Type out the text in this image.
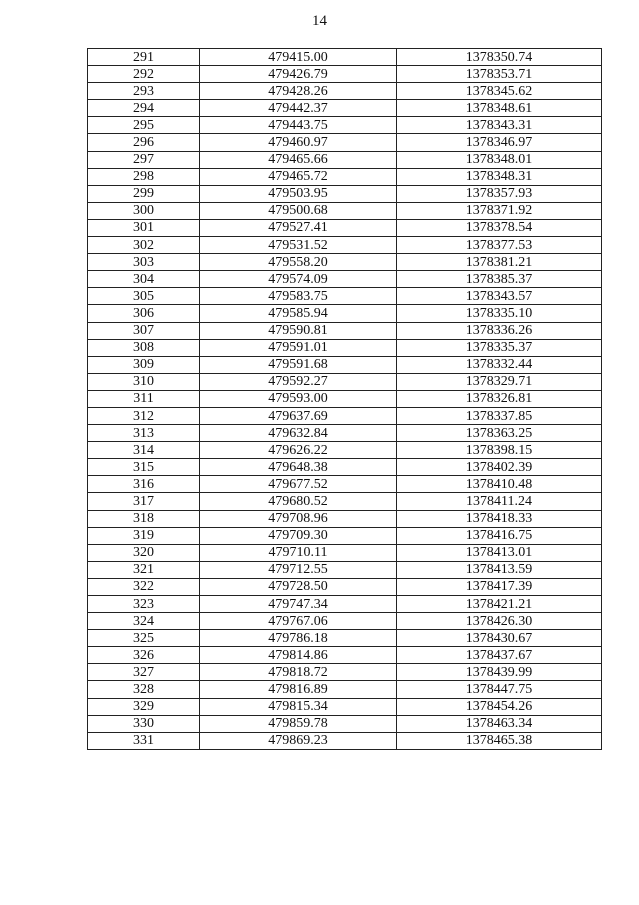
14
291	479415.00	1378350.74
292	479426.79	1378353.71
293	479428.26	1378345.62
294	479442.37	1378348.61
295	479443.75	1378343.31
296	479460.97	1378346.97
297	479465.66	1378348.01
298	479465.72	1378348.31
299	479503.95	1378357.93
300	479500.68	1378371.92
301	479527.41	1378378.54
302	479531.52	1378377.53
303	479558.20	1378381.21
304	479574.09	1378385.37
305	479583.75	1378343.57
306	479585.94	1378335.10
307	479590.81	1378336.26
308	479591.01	1378335.37
309	479591.68	1378332.44
310	479592.27	1378329.71
311	479593.00	1378326.81
312	479637.69	1378337.85
313	479632.84	1378363.25
314	479626.22	1378398.15
315	479648.38	1378402.39
316	479677.52	1378410.48
317	479680.52	1378411.24
318	479708.96	1378418.33
319	479709.30	1378416.75
320	479710.11	1378413.01
321	479712.55	1378413.59
322	479728.50	1378417.39
323	479747.34	1378421.21
324	479767.06	1378426.30
325	479786.18	1378430.67
326	479814.86	1378437.67
327	479818.72	1378439.99
328	479816.89	1378447.75
329	479815.34	1378454.26
330	479859.78	1378463.34
331	479869.23	1378465.38
